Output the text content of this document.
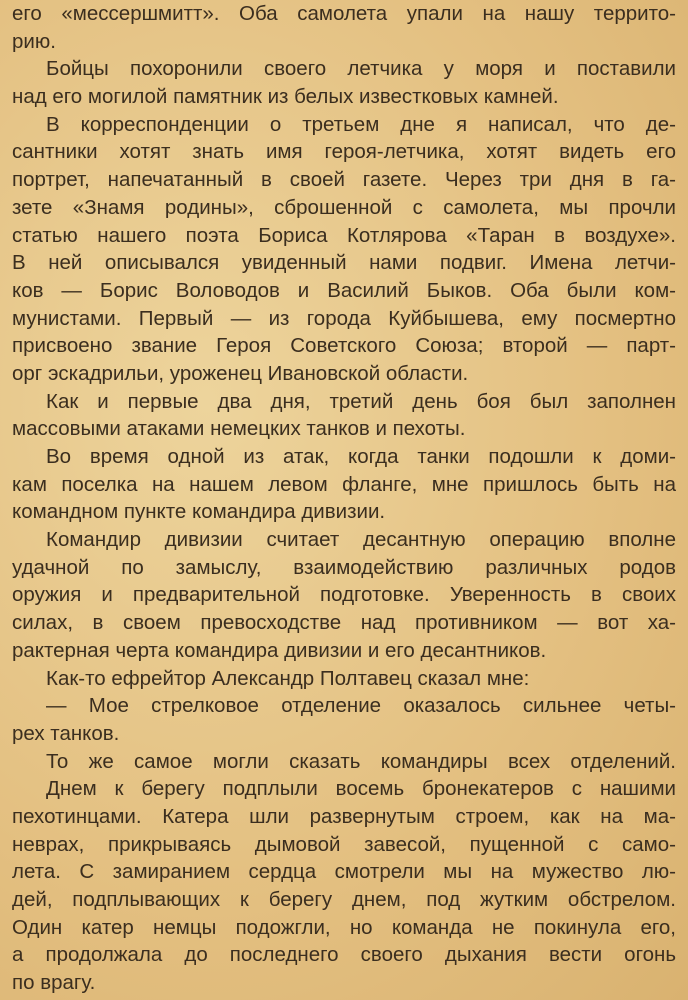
его «мессершмитт». Оба самолета упали на нашу террито-
рию.
Бойцы похоронили своего летчика у моря и поставили
над его могилой памятник из белых известковых камней.
В корреспонденции о третьем дне я написал, что де-
сантники хотят знать имя героя-летчика, хотят видеть его
портрет, напечатанный в своей газете. Через три дня в га-
зете «Знамя родины», сброшенной с самолета, мы прочли
статью нашего поэта Бориса Котлярова «Таран в воздухе».
В ней описывался увиденный нами подвиг. Имена летчи-
ков — Борис Воловодов и Василий Быков. Оба были ком-
мунистами. Первый — из города Куйбышева, ему посмертно
присвоено звание Героя Советского Союза; второй — парт-
орг эскадрильи, уроженец Ивановской области.
Как и первые два дня, третий день боя был заполнен
массовыми атаками немецких танков и пехоты.
Во время одной из атак, когда танки подошли к доми-
кам поселка на нашем левом фланге, мне пришлось быть на
командном пункте командира дивизии.
Командир дивизии считает десантную операцию вполне
удачной по замыслу, взаимодействию различных родов
оружия и предварительной подготовке. Уверенность в своих
силах, в своем превосходстве над противником — вот ха-
рактерная черта командира дивизии и его десантников.
Как-то ефрейтор Александр Полтавец сказал мне:
— Мое стрелковое отделение оказалось сильнее четы-
рех танков.
То же самое могли сказать командиры всех отделений.
Днем к берегу подплыли восемь бронекатеров с нашими
пехотинцами. Катера шли развернутым строем, как на ма-
неврах, прикрываясь дымовой завесой, пущенной с само-
лета. С замиранием сердца смотрели мы на мужество лю-
дей, подплывающих к берегу днем, под жутким обстрелом.
Один катер немцы подожгли, но команда не покинула его,
а продолжала до последнего своего дыхания вести огонь
по врагу.
